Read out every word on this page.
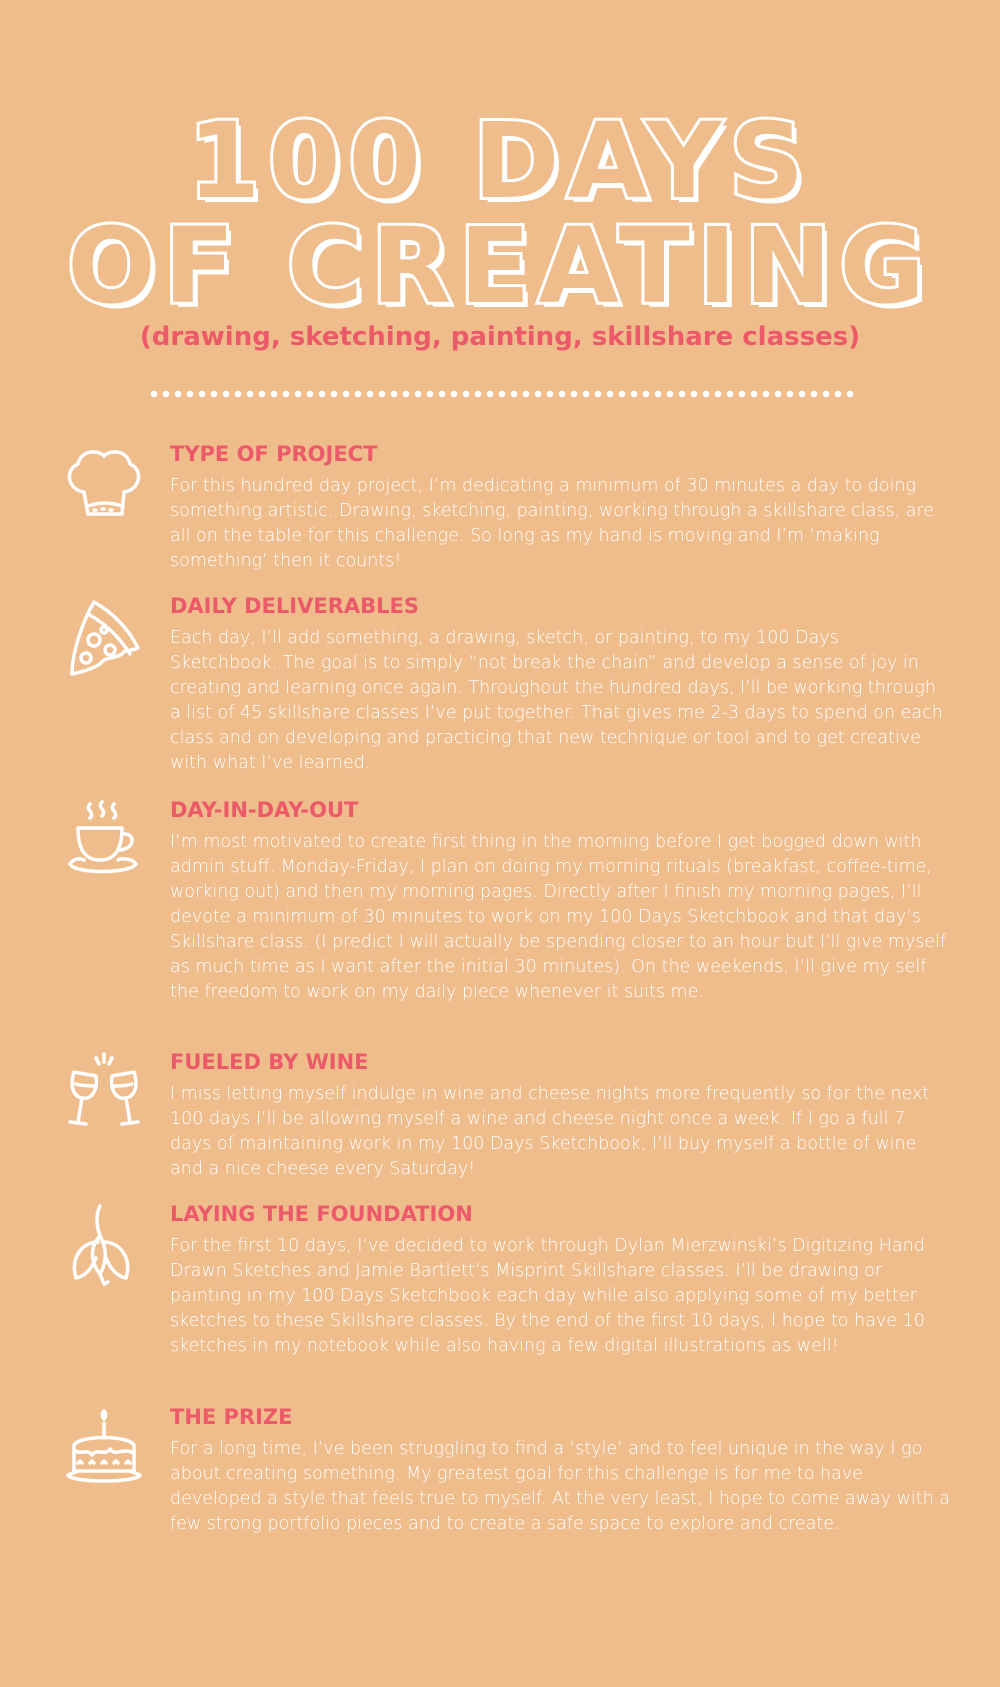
100 DAYS
OF CREATING

(drawing, sketching, painting, skillshare classes)

TYPE OF PROJECT

For this hundred day project, I’m dedicating a minimum of 30 minutes a day to doing something artistic. Drawing, sketching, painting, working through a skillshare class, are all on the table for this challenge. So long as my hand is moving and I’m ‘making something’ then it counts!

DAILY DELIVERABLES

Each day, I’ll add something, a drawing, sketch, or painting, to my 100 Days Sketchbook. The goal is to simply “not break the chain” and develop a sense of joy in creating and learning once again. Throughout the hundred days, I’ll be working through a list of 45 skillshare classes I’ve put together. That gives me 2-3 days to spend on each class and on developing and practicing that new technique or tool and to get creative with what I’ve learned.

DAY-IN-DAY-OUT

I’m most motivated to create first thing in the morning before I get bogged down with admin stuff. Monday-Friday, I plan on doing my morning rituals (breakfast, coffee-time, working out) and then my morning pages. Directly after I finish my morning pages, I’ll devote a minimum of 30 minutes to work on my 100 Days Sketchbook and that day’s Skillshare class. (I predict I will actually be spending closer to an hour but I’ll give myself as much time as I want after the initial 30 minutes). On the weekends, I’ll give my self the freedom to work on my daily piece whenever it suits me.

FUELED BY WINE

I miss letting myself indulge in wine and cheese nights more frequently so for the next 100 days I’ll be allowing myself a wine and cheese night once a week. If I go a full 7 days of maintaining work in my 100 Days Sketchbook, I’ll buy myself a bottle of wine and a nice cheese every Saturday!

LAYING THE FOUNDATION

For the first 10 days, I’ve decided to work through Dylan Mierzwinski’s Digitizing Hand Drawn Sketches and Jamie Bartlett’s Misprint Skillshare classes. I’ll be drawing or painting in my 100 Days Sketchbook each day while also applying some of my better sketches to these Skillshare classes. By the end of the first 10 days, I hope to have 10 sketches in my notebook while also having a few digital illustrations as well!

THE PRIZE

For a long time, I’ve been struggling to find a ‘style’ and to feel unique in the way I go about creating something. My greatest goal for this challenge is for me to have developed a style that feels true to myself. At the very least, I hope to come away with a few strong portfolio pieces and to create a safe space to explore and create.
